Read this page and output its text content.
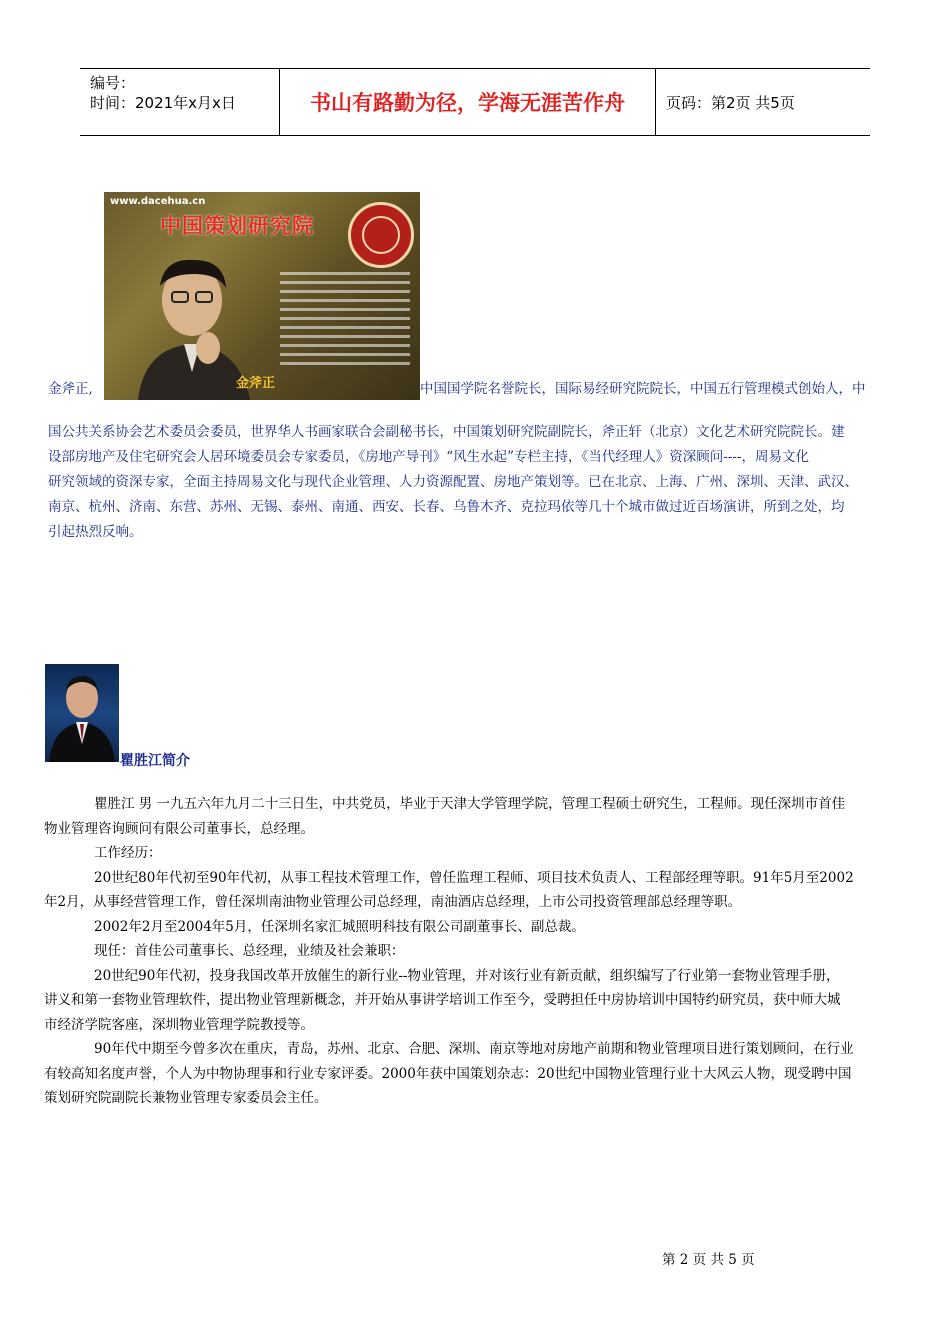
编号：
时间：2021年x月x日	书山有路勤为径，学海无涯苦作舟	页码：第2页 共5页
www.dacehua.cn
中国策划研究院
金斧正
金斧正,	中国国学院名誉院长，国际易经研究院院长，中国五行管理模式创始人，中
国公共关系协会艺术委员会委员，世界华人书画家联合会副秘书长，中国策划研究院副院长，斧正轩（北京）文化艺术研究院院长。建
设部房地产及住宅研究会人居环境委员会专家委员，《房地产导刊》“风生水起”专栏主持，《当代经理人》资深顾问----，周易文化
研究领域的资深专家，全面主持周易文化与现代企业管理、人力资源配置、房地产策划等。已在北京、上海、广州、深圳、天津、武汉、
南京、杭州、济南、东营、苏州、无锡、泰州、南通、西安、长春、乌鲁木齐、克拉玛依等几十个城市做过近百场演讲，所到之处，均
引起热烈反响。
瞿胜江简介
瞿胜江 男 一九五六年九月二十三日生，中共党员，毕业于天津大学管理学院，管理工程硕士研究生，工程师。现任深圳市首佳
物业管理咨询顾问有限公司董事长，总经理。
工作经历：
20世纪80年代初至90年代初，从事工程技术管理工作，曾任监理工程师、项目技术负责人、工程部经理等职。91年5月至2002
年2月，从事经营管理工作，曾任深圳南油物业管理公司总经理，南油酒店总经理，上市公司投资管理部总经理等职。
2002年2月至2004年5月，任深圳名家汇城照明科技有限公司副董事长、副总裁。
现任：首佳公司董事长、总经理，业绩及社会兼职：
20世纪90年代初，投身我国改革开放催生的新行业--物业管理，并对该行业有新贡献，组织编写了行业第一套物业管理手册，
讲义和第一套物业管理软件，提出物业管理新概念，并开始从事讲学培训工作至今，受聘担任中房协培训中国特约研究员，获中师大城
市经济学院客座，深圳物业管理学院教授等。
90年代中期至今曾多次在重庆，青岛，苏州、北京、合肥、深圳、南京等地对房地产前期和物业管理项目进行策划顾问，在行业
有较高知名度声誉，个人为中物协理事和行业专家评委。2000年获中国策划杂志：20世纪中国物业管理行业十大风云人物，现受聘中国
策划研究院副院长兼物业管理专家委员会主任。
第 2 页 共 5 页
